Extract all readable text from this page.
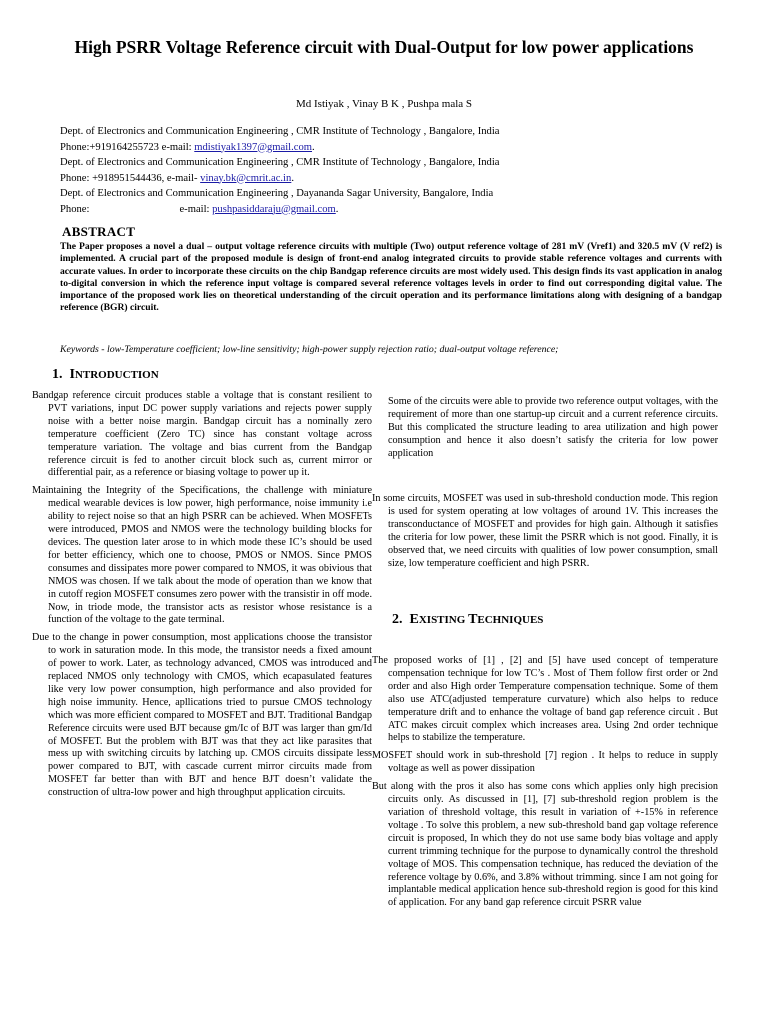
High PSRR Voltage Reference circuit with Dual-Output for low power applications
Md Istiyak , Vinay B K , Pushpa mala S
Dept. of Electronics and Communication Engineering , CMR Institute of Technology , Bangalore, India
Phone:+919164255723 e-mail: mdistiyak1397@gmail.com.
Dept. of Electronics and Communication Engineering , CMR Institute of Technology , Bangalore, India
Phone: +918951544436, e-mail- vinay.bk@cmrit.ac.in.
Dept. of Electronics and Communication Engineering , Dayananda Sagar University, Bangalore, India
Phone:                                  e-mail: pushpasiddaraju@gmail.com.
ABSTRACT
The Paper proposes a novel a dual – output voltage reference circuits with multiple (Two) output reference voltage of 281 mV (Vref1) and 320.5 mV (V ref2) is implemented. A crucial part of the proposed module is design of front-end analog integrated circuits to provide stable reference voltages and currents with accurate values. In order to incorporate these circuits on the chip Bandgap reference circuits are most widely used. This design finds its vast application in analog to-digital conversion in which the reference input voltage is compared several reference voltages levels in order to find out corresponding digital value. The importance of the proposed work lies on theoretical understanding of the circuit operation and its performance limitations along with designing of a bandgap reference (BGR) circuit.
Keywords - low-Temperature coefficient; low-line sensitivity; high-power supply rejection ratio; dual-output voltage reference;
1. INTRODUCTION

Bandgap reference circuit produces stable a voltage that is constant resilient to PVT variations, input DC power supply variations and rejects power supply noise with a better noise margin. Bandgap circuit has a nominally zero temperature coefficient (Zero TC) since has constant voltage across temperature variation. The voltage and bias current from the Bandgap reference circuit is fed to another circuit block such as, current mirror or differential pair, as a reference or biasing voltage to power up it.

Maintaining the Integrity of the Specifications, the challenge with miniature medical wearable devices is low power, high performance, noise immunity i.e ability to reject noise so that an high PSRR can be achieved. When MOSFETs were introduced, PMOS and NMOS were the technology building blocks for devices. The question later arose to in which mode these IC’s should be used for better efficiency, which one to choose, PMOS or NMOS. Since PMOS consumes and dissipates more power compared to NMOS, it was obivious that NMOS was chosen. If we talk about the mode of operation than we know that in cutoff region MOSFET consumes zero power with the transistir in off mode. Now, in triode mode, the transistor acts as resistor whose resistance is a function of the voltage to the gate terminal.

Due to the change in power consumption, most applications choose the transistor to work in saturation mode. In this mode, the transistor needs a fixed amount of power to work. Later, as technology advanced, CMOS was introduced and replaced NMOS only technology with CMOS, which ecapasulated features like very low power consumption, high performance and also provided for high noise immunity. Hence, apllications tried to pursue CMOS technology which was more efficient compared to MOSFET and BJT. Traditional Bandgap Reference circuits were used BJT because gm/Ic of BJT was larger than gm/Id of MOSFET. But the problem with BJT was that they act like parasites that mess up with switching circuits by latching up. CMOS circuits dissipate less power compared to BJT, with cascade current mirror circuits made from MOSFET far better than with BJT and hence BJT doesn’t validate the construction of ultra-low power and high throughput application circuits.

Some of the circuits were able to provide two reference output voltages, with the requirement of more than one startup-up circuit and a current reference circuits. But this complicated the structure leading to area utilization and high power consumption and hence it also doesn’t satisfy the criteria for low power application

In some circuits, MOSFET was used in sub-threshold conduction mode. This region is used for system operating at low voltages of around 1V. This increases the transconductance of MOSFET and provides for high gain. Although it satisfies the criteria for low power, these limit the PSRR which is not good. Finally, it is observed that, we need circuits with qualities of low power consumption, small size, low temperature coefficient and high PSRR.

2. EXISTING TECHNIQUES

The proposed works of [1] , [2] and [5] have used concept of temperature compensation technique for low TC’s . Most of Them follow first order or 2nd order and also High order Temperature compensation technique. Some of them also use ATC(adjusted temperature curvature) which also helps to reduce temperature drift and to enhance the voltage of band gap reference circuit . But ATC makes circuit complex which increases area. Using 2nd order technique helps to stabilize the temperature.

MOSFET should work in sub-threshold [7] region . It helps to reduce in supply voltage as well as power dissipation

But along with the pros it also has some cons which applies only high precision circuits only. As discussed in [1], [7] sub-threshold region problem is the variation of threshold voltage, this result in variation of +-15% in reference voltage . To solve this problem, a new sub-threshold band gap voltage reference circuit is proposed, In which they do not use same body bias voltage and apply current trimming technique for the purpose to dynamically control the threshold voltage of MOS. This compensation technique, has reduced the deviation of the reference voltage by 0.6%, and 3.8% without trimming. since I am not going for implantable medical application hence sub-threshold region is good for this kind of application. For any band gap reference circuit PSRR value
